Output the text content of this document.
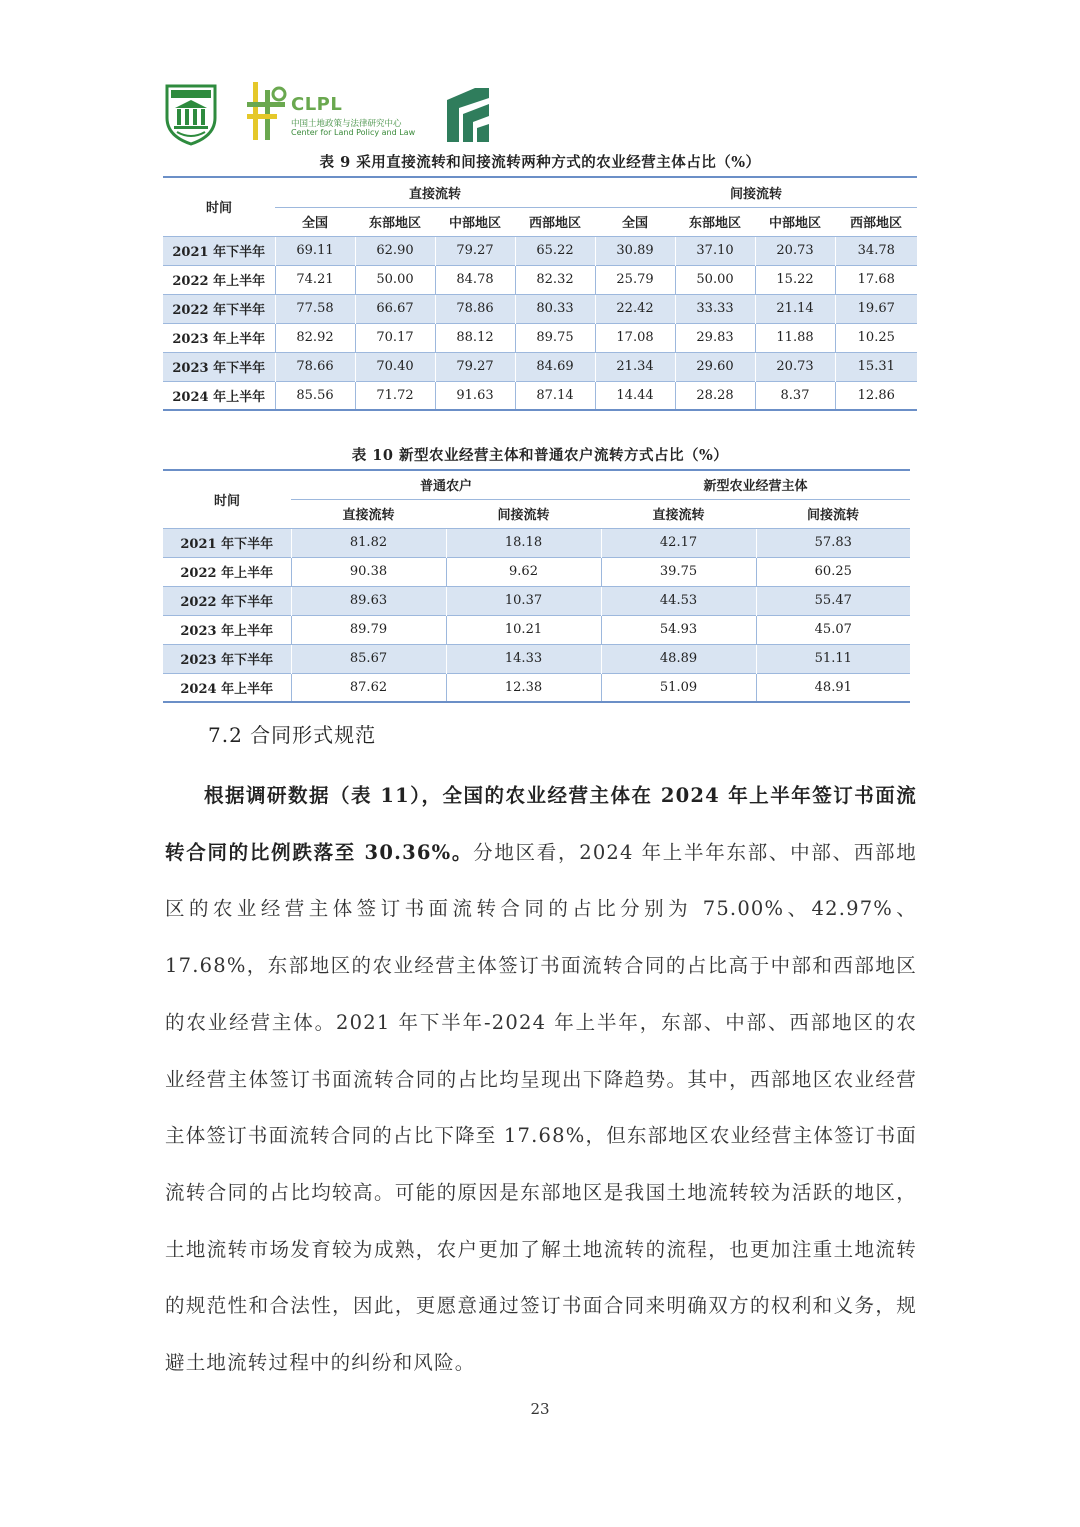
CLPL
中国土地政策与法律研究中心
Center for Land Policy and Law
表 9 采用直接流转和间接流转两种方式的农业经营主体占比（%）
时间	直接流转				间接流转			
	全国	东部地区	中部地区	西部地区	全国	东部地区	中部地区	西部地区
2021 年下半年	69.11	62.90	79.27	65.22	30.89	37.10	20.73	34.78
2022 年上半年	74.21	50.00	84.78	82.32	25.79	50.00	15.22	17.68
2022 年下半年	77.58	66.67	78.86	80.33	22.42	33.33	21.14	19.67
2023 年上半年	82.92	70.17	88.12	89.75	17.08	29.83	11.88	10.25
2023 年下半年	78.66	70.40	79.27	84.69	21.34	29.60	20.73	15.31
2024 年上半年	85.56	71.72	91.63	87.14	14.44	28.28	8.37	12.86
表 10 新型农业经营主体和普通农户流转方式占比（%）
时间	普通农户		新型农业经营主体	
	直接流转	间接流转	直接流转	间接流转
2021 年下半年	81.82	18.18	42.17	57.83
2022 年上半年	90.38	9.62	39.75	60.25
2022 年下半年	89.63	10.37	44.53	55.47
2023 年上半年	89.79	10.21	54.93	45.07
2023 年下半年	85.67	14.33	48.89	51.11
2024 年上半年	87.62	12.38	51.09	48.91
7.2 合同形式规范

根据调研数据（表 11），全国的农业经营主体在 2024 年上半年签订书面流转合同的比例跌落至 30.36%。分地区看，2024 年上半年东部、中部、西部地区的农业经营主体签订书面流转合同的占比分别为 75.00%、42.97%、17.68%，东部地区的农业经营主体签订书面流转合同的占比高于中部和西部地区的农业经营主体。2021 年下半年-2024 年上半年，东部、中部、西部地区的农业经营主体签订书面流转合同的占比均呈现出下降趋势。其中，西部地区农业经营主体签订书面流转合同的占比下降至 17.68%，但东部地区农业经营主体签订书面流转合同的占比均较高。可能的原因是东部地区是我国土地流转较为活跃的地区，土地流转市场发育较为成熟，农户更加了解土地流转的流程，也更加注重土地流转的规范性和合法性，因此，更愿意通过签订书面合同来明确双方的权利和义务，规避土地流转过程中的纠纷和风险。

23
